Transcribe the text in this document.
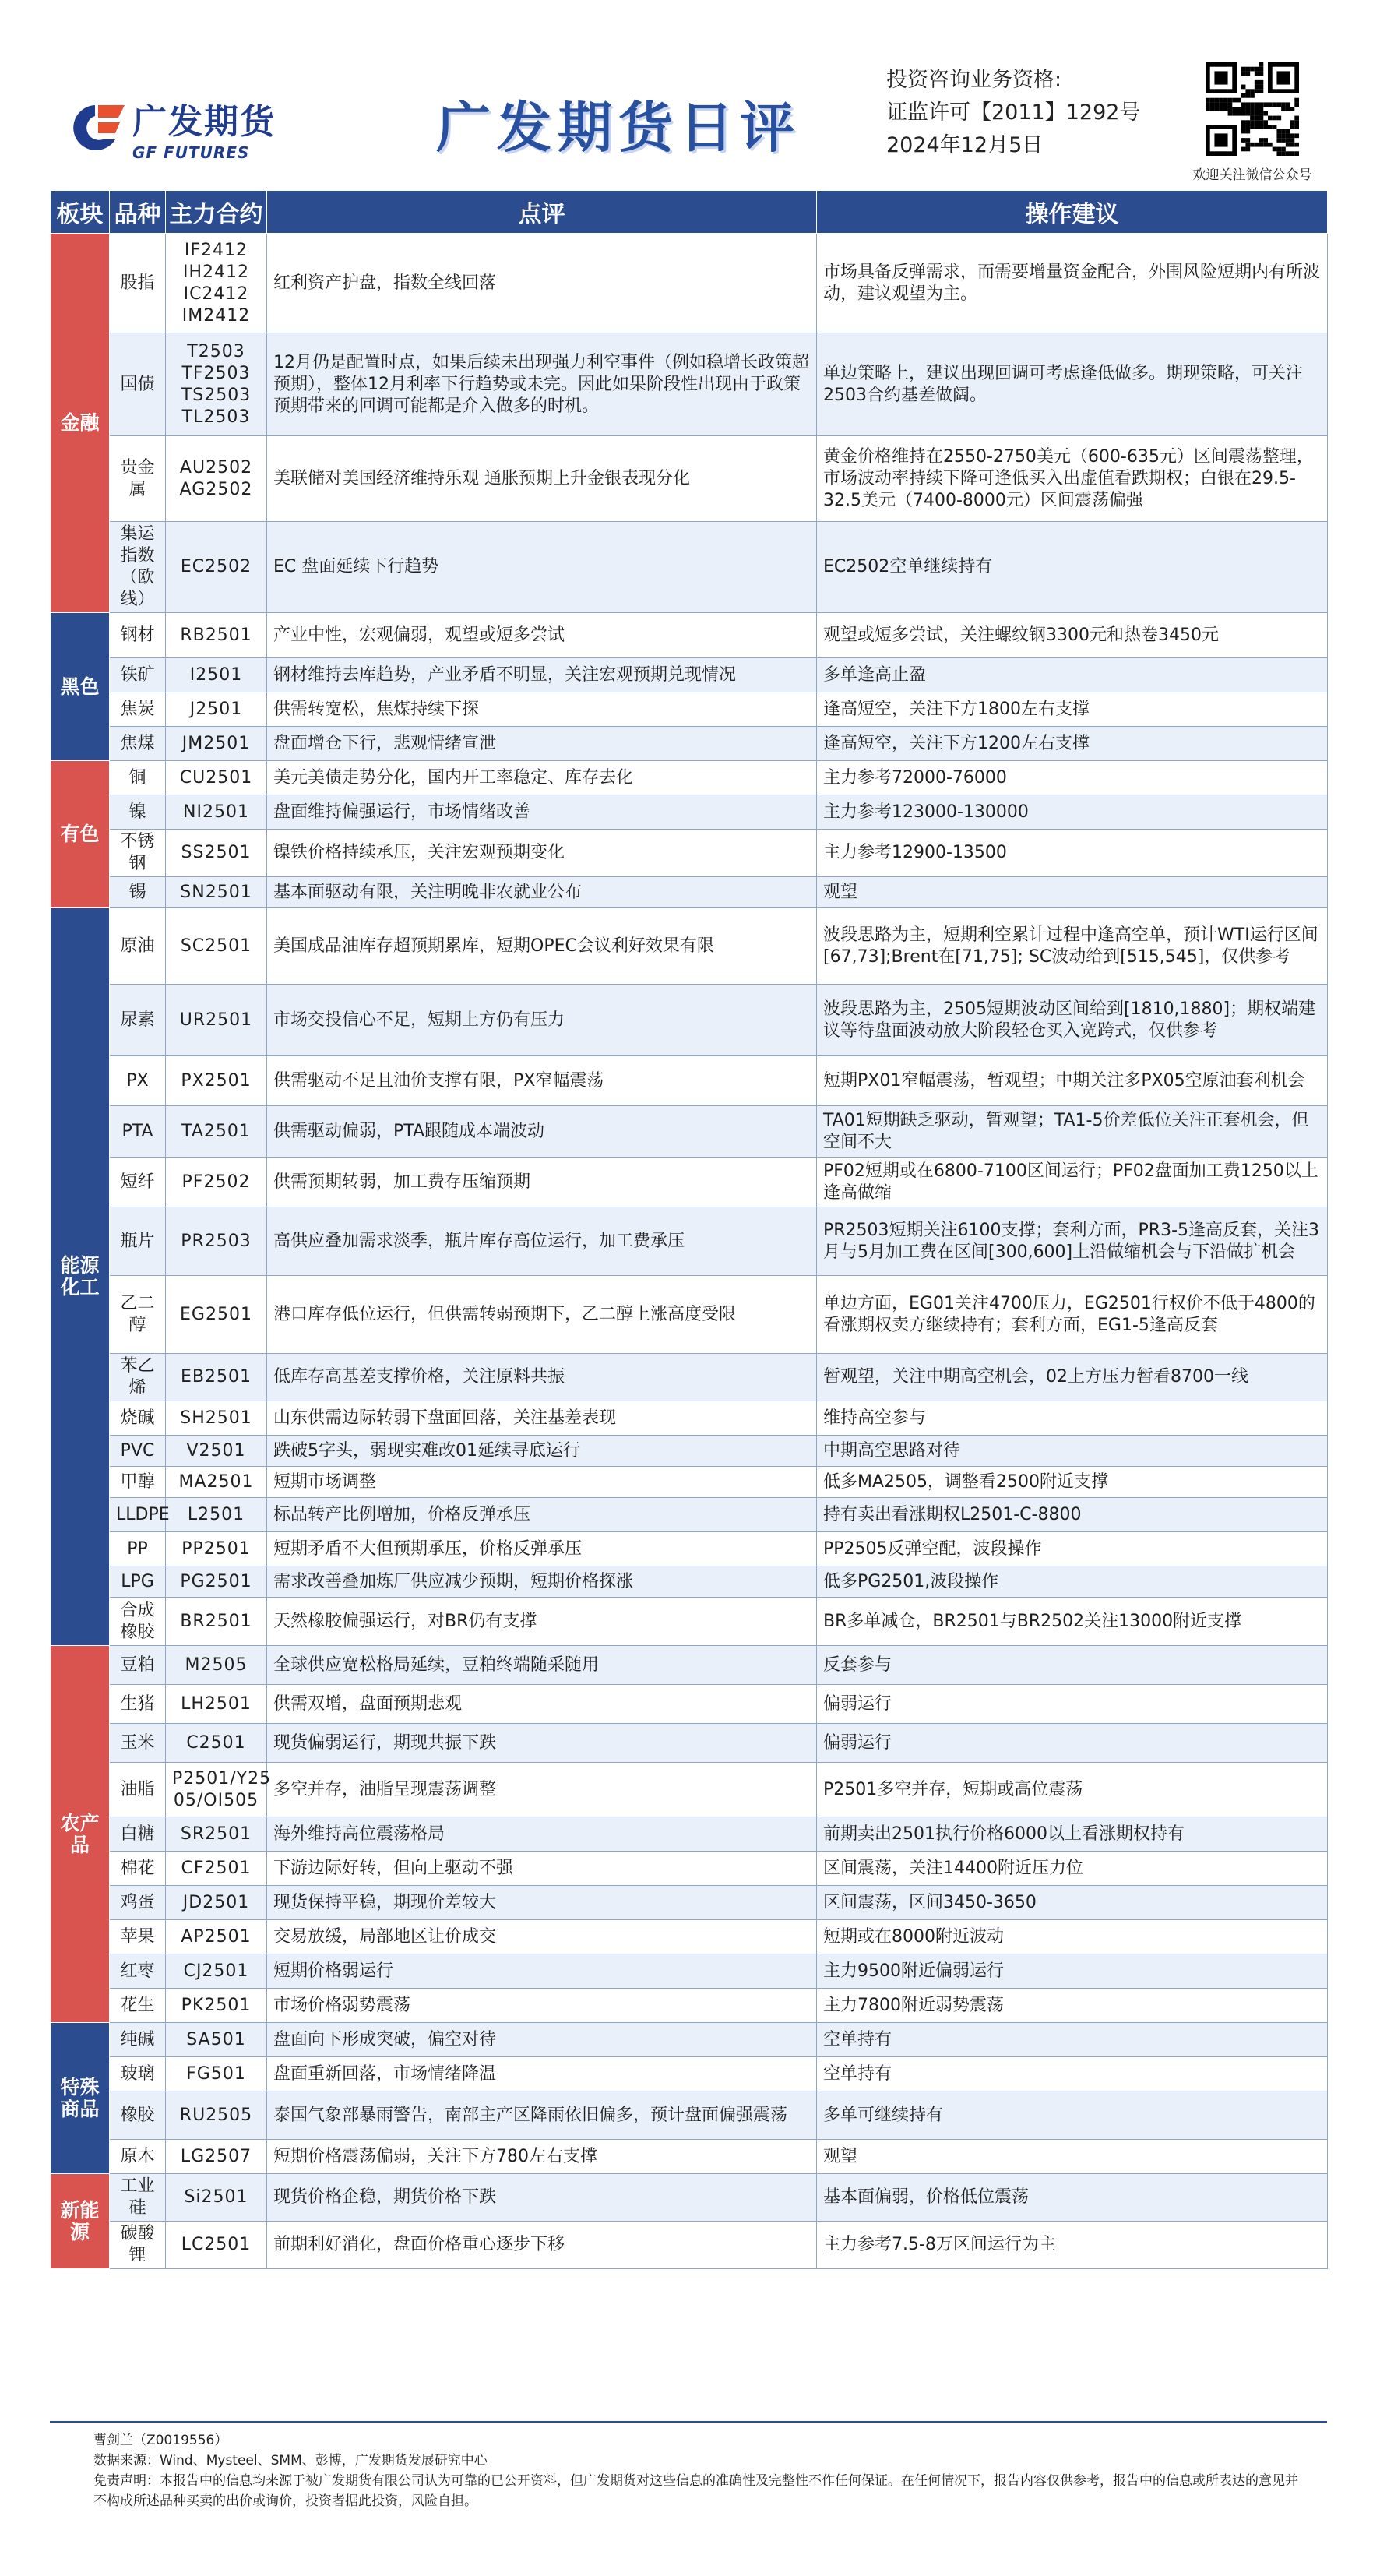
广发期货
GF FUTURES	广发期货日评
投资咨询业务资格:
证监许可【2011】1292号
2024年12月5日
欢迎关注微信公众号
板块	品种	主力合约	点评	操作建议
金融	股指	IF2412
IH2412
IC2412
IM2412	红利资产护盘，指数全线回落	市场具备反弹需求，而需要增量资金配合，外围风险短期内有所波动，建议观望为主。
	国债	T2503
TF2503
TS2503
TL2503	12月仍是配置时点，如果后续未出现强力利空事件（例如稳增长政策超预期），整体12月利率下行趋势或未完。因此如果阶段性出现由于政策预期带来的回调可能都是介入做多的时机。	单边策略上，建议出现回调可考虑逢低做多。期现策略，可关注2503合约基差做阔。
	贵金属	AU2502
AG2502	美联储对美国经济维持乐观 通胀预期上升金银表现分化	黄金价格维持在2550-2750美元（600-635元）区间震荡整理，市场波动率持续下降可逢低买入出虚值看跌期权；白银在29.5-32.5美元（7400-8000元）区间震荡偏强
	集运指数
（欧线）	EC2502	EC 盘面延续下行趋势	EC2502空单继续持有
黑色	钢材	RB2501	产业中性，宏观偏弱，观望或短多尝试	观望或短多尝试，关注螺纹钢3300元和热卷3450元
	铁矿	I2501	钢材维持去库趋势，产业矛盾不明显，关注宏观预期兑现情况	多单逢高止盈
	焦炭	J2501	供需转宽松，焦煤持续下探	逢高短空，关注下方1800左右支撑
	焦煤	JM2501	盘面增仓下行，悲观情绪宣泄	逢高短空，关注下方1200左右支撑
有色	铜	CU2501	美元美债走势分化，国内开工率稳定、库存去化	主力参考72000-76000
	镍	NI2501	盘面维持偏强运行，市场情绪改善	主力参考123000-130000
	不锈钢	SS2501	镍铁价格持续承压，关注宏观预期变化	主力参考12900-13500
	锡	SN2501	基本面驱动有限，关注明晚非农就业公布	观望
能源
化工	原油	SC2501	美国成品油库存超预期累库，短期OPEC会议利好效果有限	波段思路为主，短期利空累计过程中逢高空单，预计WTI运行区间[67,73];Brent在[71,75]; SC波动给到[515,545]，仅供参考
	尿素	UR2501	市场交投信心不足，短期上方仍有压力	波段思路为主，2505短期波动区间给到[1810,1880]；期权端建议等待盘面波动放大阶段轻仓买入宽跨式，仅供参考
	PX	PX2501	供需驱动不足且油价支撑有限，PX窄幅震荡	短期PX01窄幅震荡，暂观望；中期关注多PX05空原油套利机会
	PTA	TA2501	供需驱动偏弱，PTA跟随成本端波动	TA01短期缺乏驱动，暂观望；TA1-5价差低位关注正套机会，但空间不大
	短纤	PF2502	供需预期转弱，加工费存压缩预期	PF02短期或在6800-7100区间运行；PF02盘面加工费1250以上逢高做缩
	瓶片	PR2503	高供应叠加需求淡季，瓶片库存高位运行，加工费承压	PR2503短期关注6100支撑；套利方面，PR3-5逢高反套，关注3月与5月加工费在区间[300,600]上沿做缩机会与下沿做扩机会
	乙二醇	EG2501	港口库存低位运行，但供需转弱预期下，乙二醇上涨高度受限	单边方面，EG01关注4700压力，EG2501行权价不低于4800的看涨期权卖方继续持有；套利方面，EG1-5逢高反套
	苯乙烯	EB2501	低库存高基差支撑价格，关注原料共振	暂观望，关注中期高空机会，02上方压力暂看8700一线
	烧碱	SH2501	山东供需边际转弱下盘面回落，关注基差表现	维持高空参与
	PVC	V2501	跌破5字头，弱现实难改01延续寻底运行	中期高空思路对待
	甲醇	MA2501	短期市场调整	低多MA2505，调整看2500附近支撑
	LLDPE	L2501	标品转产比例增加，价格反弹承压	持有卖出看涨期权L2501-C-8800
	PP	PP2501	短期矛盾不大但预期承压，价格反弹承压	PP2505反弹空配，波段操作
	LPG	PG2501	需求改善叠加炼厂供应减少预期，短期价格探涨	低多PG2501,波段操作
	合成橡胶	BR2501	天然橡胶偏强运行，对BR仍有支撑	BR多单减仓，BR2501与BR2502关注13000附近支撑
农产品	豆粕	M2505	全球供应宽松格局延续，豆粕终端随采随用	反套参与
	生猪	LH2501	供需双增，盘面预期悲观	偏弱运行
	玉米	C2501	现货偏弱运行，期现共振下跌	偏弱运行
	油脂	P2501/Y25
05/OI505	多空并存，油脂呈现震荡调整	P2501多空并存，短期或高位震荡
	白糖	SR2501	海外维持高位震荡格局	前期卖出2501执行价格6000以上看涨期权持有
	棉花	CF2501	下游边际好转，但向上驱动不强	区间震荡，关注14400附近压力位
	鸡蛋	JD2501	现货保持平稳，期现价差较大	区间震荡，区间3450-3650
	苹果	AP2501	交易放缓，局部地区让价成交	短期或在8000附近波动
	红枣	CJ2501	短期价格弱运行	主力9500附近偏弱运行
	花生	PK2501	市场价格弱势震荡	主力7800附近弱势震荡
特殊
商品	纯碱	SA501	盘面向下形成突破，偏空对待	空单持有
	玻璃	FG501	盘面重新回落，市场情绪降温	空单持有
	橡胶	RU2505	泰国气象部暴雨警告，南部主产区降雨依旧偏多，预计盘面偏强震荡	多单可继续持有
	原木	LG2507	短期价格震荡偏弱，关注下方780左右支撑	观望
新能源	工业硅	Si2501	现货价格企稳，期货价格下跌	基本面偏弱，价格低位震荡
	碳酸锂	LC2501	前期利好消化，盘面价格重心逐步下移	主力参考7.5-8万区间运行为主
曹剑兰（Z0019556）
数据来源：Wind、Mysteel、SMM、彭博，广发期货发展研究中心
免责声明：本报告中的信息均来源于被广发期货有限公司认为可靠的已公开资料，但广发期货对这些信息的准确性及完整性不作任何保证。在任何情况下，报告内容仅供参考，报告中的信息或所表达的意见并不构成所述品种买卖的出价或询价，投资者据此投资，风险自担。
